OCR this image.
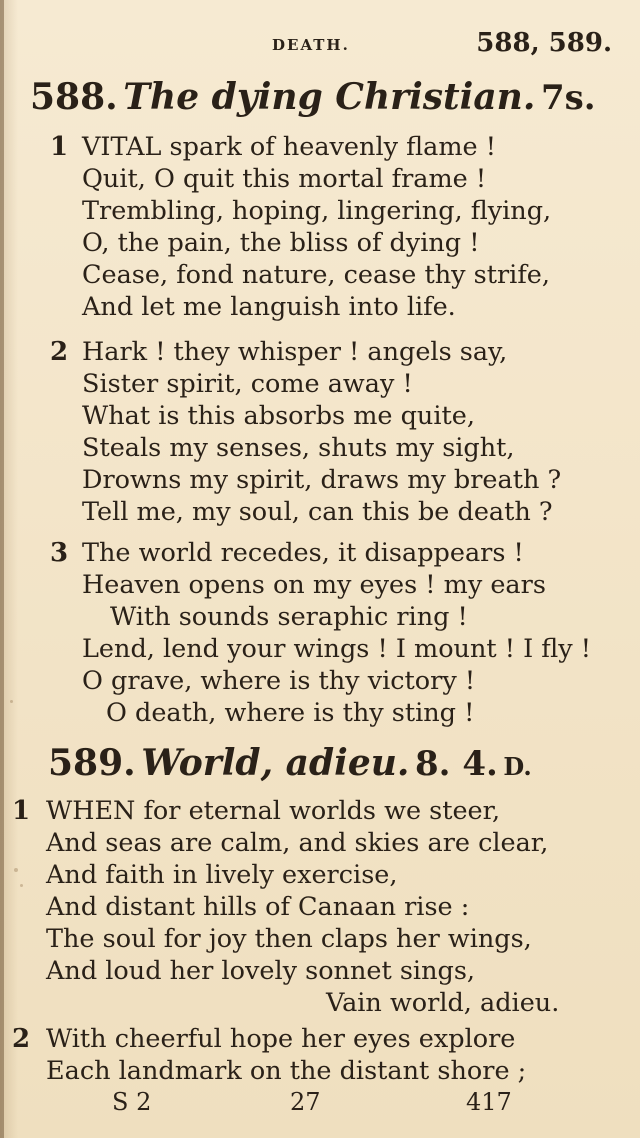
DEATH.	588, 589.
588. The dying Christian. 7s.
1 VITAL spark of heavenly flame !
Quit, O quit this mortal frame !
Trembling, hoping, lingering, flying,
O, the pain, the bliss of dying !
Cease, fond nature, cease thy strife,
And let me languish into life.
2 Hark ! they whisper ! angels say,
Sister spirit, come away !
What is this absorbs me quite,
Steals my senses, shuts my sight,
Drowns my spirit, draws my breath ?
Tell me, my soul, can this be death ?
3 The world recedes, it disappears !
Heaven opens on my eyes ! my ears
With sounds seraphic ring !
Lend, lend your wings ! I mount ! I fly !
O grave, where is thy victory !
O death, where is thy sting !
589. World, adieu. 8. 4. D.
1 WHEN for eternal worlds we steer,
And seas are calm, and skies are clear,
And faith in lively exercise,
And distant hills of Canaan rise :
The soul for joy then claps her wings,
And loud her lovely sonnet sings,
Vain world, adieu.
2 With cheerful hope her eyes explore
Each landmark on the distant shore ;
S 2	27	417
